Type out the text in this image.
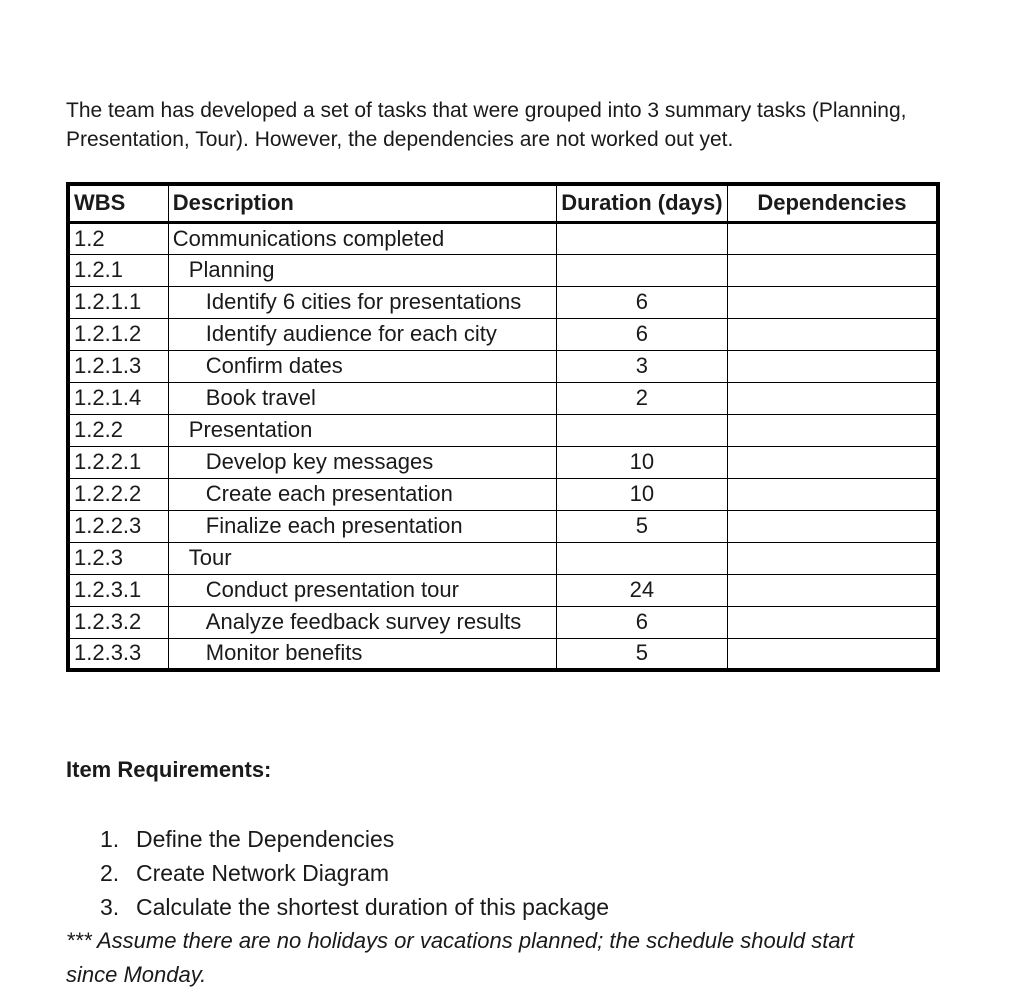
The team has developed a set of tasks that were grouped into 3 summary tasks (Planning,
Presentation, Tour). However, the dependencies are not worked out yet.
WBS	Description	Duration (days)	Dependencies
1.2	Communications completed		
1.2.1	Planning		
1.2.1.1	Identify 6 cities for presentations	6	
1.2.1.2	Identify audience for each city	6	
1.2.1.3	Confirm dates	3	
1.2.1.4	Book travel	2	
1.2.2	Presentation		
1.2.2.1	Develop key messages	10	
1.2.2.2	Create each presentation	10	
1.2.2.3	Finalize each presentation	5	
1.2.3	Tour		
1.2.3.1	Conduct presentation tour	24	
1.2.3.2	Analyze feedback survey results	6	
1.2.3.3	Monitor benefits	5	
Item Requirements:
1. Define the Dependencies
2. Create Network Diagram
3. Calculate the shortest duration of this package
*** Assume there are no holidays or vacations planned; the schedule should start
since Monday.
